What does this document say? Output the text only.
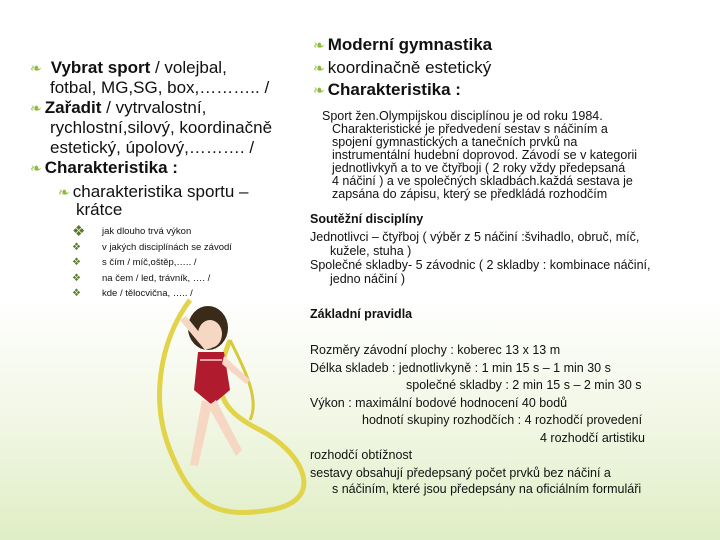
❧ Vybrat sport / volejbal,
fotbal, MG,SG, box,……….. /
❧ Zařadit / vytrvalostní,
rychlostní,silový, koordinačně
estetický, úpolový,………. /
❧ Charakteristika :
❧ charakteristika sportu –
krátce
❖ jak dlouho trvá výkon
❖ v jakých disciplínách se závodí
❖ s čím / míč,oštěp,….. /
❖ na čem / led, trávník, …. /
❖ kde / tělocvična, ….. /
❧ Moderní gymnastika
❧ koordinačně estetický
❧ Charakteristika :
Sport žen.Olympijskou disciplínou je od roku 1984.
Charakteristické je předvedení sestav s náčiním a
spojení gymnastických a tanečních prvků na
instrumentální hudební doprovod. Závodí se v kategorii
jednotlivkyň a to ve čtyřboji ( 2 roky vždy předepsaná
4 náčiní ) a ve společných skladbách.každá sestava je
zapsána do zápisu, který se předkládá rozhodčím
Soutěžní disciplíny
Jednotlivci – čtyřboj ( výběr z 5 náčiní :švihadlo, obruč, míč,
kužele, stuha )
Společné skladby- 5 závodnic ( 2 skladby : kombinace náčiní,
jedno náčiní )
Základní pravidla
Rozměry závodní plochy : koberec 13 x 13 m
Délka skladeb : jednotlivkyně : 1 min 15 s – 1 min 30 s
společné skladby : 2 min 15 s – 2 min 30 s
Výkon : maximální bodové hodnocení 40 bodů
hodnotí skupiny rozhodčích : 4 rozhodčí provedení
4 rozhodčí artistiku
rozhodčí obtížnost
sestavy obsahují předepsaný počet prvků bez náčiní a
s náčiním, které jsou předepsány na oficiálním formuláři
